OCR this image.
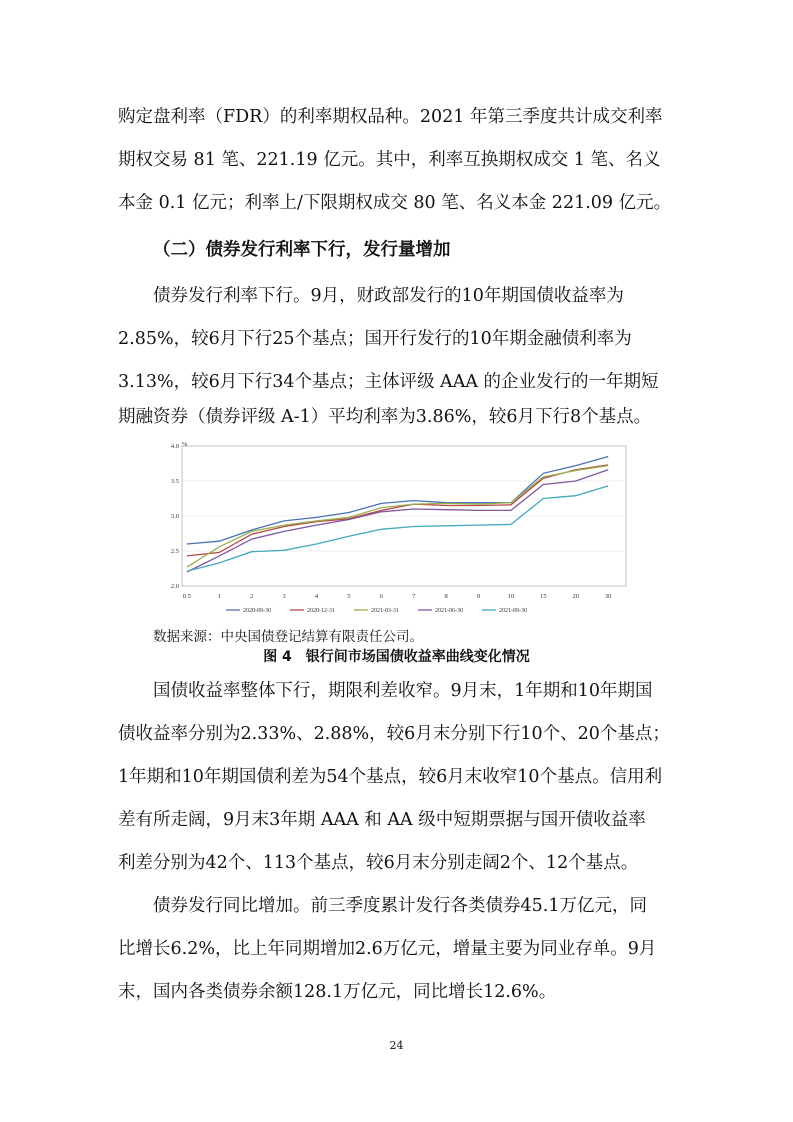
购定盘利率（FDR）的利率期权品种。2021 年第三季度共计成交利率
期权交易 81 笔、221.19 亿元。其中，利率互换期权成交 1 笔、名义
本金 0.1 亿元；利率上/下限期权成交 80 笔、名义本金 221.09 亿元。
（二）债券发行利率下行，发行量增加
债券发行利率下行。9月，财政部发行的10年期国债收益率为
2.85%，较6月下行25个基点；国开行发行的10年期金融债利率为
3.13%，较6月下行34个基点；主体评级 AAA 的企业发行的一年期短
期融资券（债券评级 A-1）平均利率为3.86%，较6月下行8个基点。
%
2.0
2.5
3.0
3.5
4.0
0.5	1	2	3	4	5	6	7	8	9	10	15	20	30
2020-09-30	2020-12-31	2021-03-31	2021-06-30	2021-09-30
数据来源：中央国债登记结算有限责任公司。
图 4　银行间市场国债收益率曲线变化情况
国债收益率整体下行，期限利差收窄。9月末，1年期和10年期国
债收益率分别为2.33%、2.88%，较6月末分别下行10个、20个基点；
1年期和10年期国债利差为54个基点，较6月末收窄10个基点。信用利
差有所走阔，9月末3年期 AAA 和 AA 级中短期票据与国开债收益率
利差分别为42个、113个基点，较6月末分别走阔2个、12个基点。
债券发行同比增加。前三季度累计发行各类债券45.1万亿元，同
比增长6.2%，比上年同期增加2.6万亿元，增量主要为同业存单。9月
末，国内各类债券余额128.1万亿元，同比增长12.6%。
24
